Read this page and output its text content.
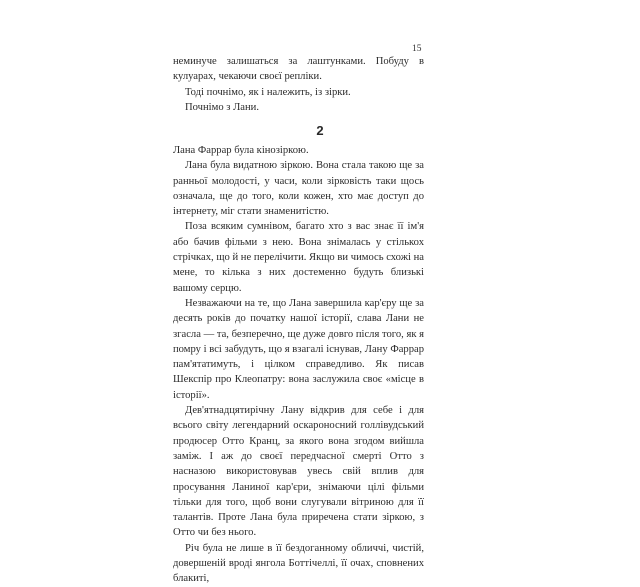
15

неминуче залишаться за лаштунками. Побуду в кулуарах, чекаючи своєї репліки.

Тоді почнімо, як і належить, із зірки.

Почнімо з Лани.

2

Лана Фаррар була кінозіркою.

Лана була видатною зіркою. Вона стала такою ще за ранньої молодості, у часи, коли зірковість таки щось означала, ще до того, коли кожен, хто має доступ до інтернету, міг стати знаменитістю.

Поза всяким сумнівом, багато хто з вас знає її ім'я або бачив фільми з нею. Вона знімалась у стількох стрічках, що й не перелічити. Якщо ви чимось схожі на мене, то кілька з них достеменно будуть близькі вашому серцю.

Незважаючи на те, що Лана завершила кар'єру ще за десять років до початку нашої історії, слава Лани не згасла — та, безперечно, ще дуже довго після того, як я помру і всі забудуть, що я взагалі існував, Лану Фаррар пам'ятатимуть, і цілком справедливо. Як писав Шекспір про Клеопатру: вона заслужила своє «місце в історії».

Дев'ятнадцятирічну Лану відкрив для себе і для всього світу легендарний оскароносний голлівудський продюсер Отто Кранц, за якого вона згодом вийшла заміж. І аж до своєї передчасної смерті Отто з насназою використовував увесь свій вплив для просування Ланиної кар'єри, знімаючи цілі фільми тільки для того, щоб вони слугували вітриною для її талантів. Проте Лана була приречена стати зіркою, з Отто чи без нього.

Річ була не лише в її бездоганному обличчі, чистій, довершеній вроді янгола Боттічеллі, її очах, сповнених блакиті,
